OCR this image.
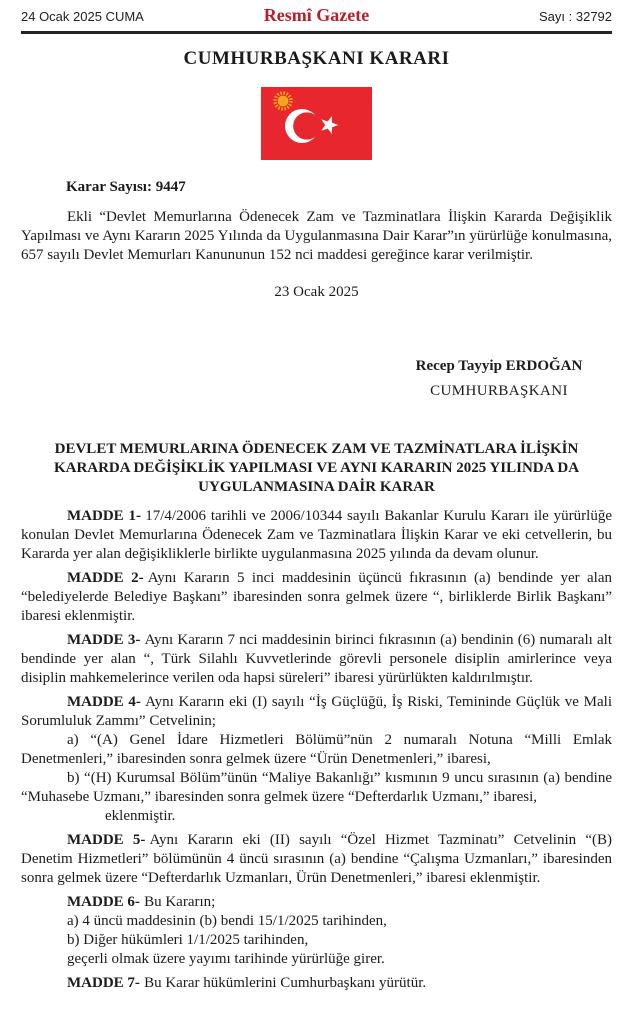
24 Ocak 2025 CUMA	Resmî Gazete	Sayı : 32792
CUMHURBAŞKANI KARARI
Karar Sayısı: 9447

Ekli “Devlet Memurlarına Ödenecek Zam ve Tazminatlara İlişkin Kararda Değişiklik Yapılması ve Aynı Kararın 2025 Yılında da Uygulanmasına Dair Karar”ın yürürlüğe konulmasına, 657 sayılı Devlet Memurları Kanununun 152 nci maddesi gereğince karar verilmiştir.

23 Ocak 2025
Recep Tayyip ERDOĞAN
CUMHURBAŞKANI
DEVLET MEMURLARINA ÖDENECEK ZAM VE TAZMİNATLARA İLİŞKİN KARARDA DEĞİŞİKLİK YAPILMASI VE AYNI KARARIN 2025 YILINDA DA UYGULANMASINA DAİR KARAR

MADDE 1- 17/4/2006 tarihli ve 2006/10344 sayılı Bakanlar Kurulu Kararı ile yürürlüğe konulan Devlet Memurlarına Ödenecek Zam ve Tazminatlara İlişkin Karar ve eki cetvellerin, bu Kararda yer alan değişikliklerle birlikte uygulanmasına 2025 yılında da devam olunur.

MADDE 2- Aynı Kararın 5 inci maddesinin üçüncü fıkrasının (a) bendinde yer alan “belediyelerde Belediye Başkanı” ibaresinden sonra gelmek üzere “, birliklerde Birlik Başkanı” ibaresi eklenmiştir.

MADDE 3- Aynı Kararın 7 nci maddesinin birinci fıkrasının (a) bendinin (6) numaralı alt bendinde yer alan “, Türk Silahlı Kuvvetlerinde görevli personele disiplin amirlerince veya disiplin mahkemelerince verilen oda hapsi süreleri” ibaresi yürürlükten kaldırılmıştır.

MADDE 4- Aynı Kararın eki (I) sayılı “İş Güçlüğü, İş Riski, Temininde Güçlük ve Mali Sorumluluk Zammı” Cetvelinin;

a) “(A) Genel İdare Hizmetleri Bölümü”nün 2 numaralı Notuna “Milli Emlak Denetmenleri,” ibaresinden sonra gelmek üzere “Ürün Denetmenleri,” ibaresi,

b) “(H) Kurumsal Bölüm”ünün “Maliye Bakanlığı” kısmının 9 uncu sırasının (a) bendine “Muhasebe Uzmanı,” ibaresinden sonra gelmek üzere “Defterdarlık Uzmanı,” ibaresi,

eklenmiştir.

MADDE 5- Aynı Kararın eki (II) sayılı “Özel Hizmet Tazminatı” Cetvelinin “(B) Denetim Hizmetleri” bölümünün 4 üncü sırasının (a) bendine “Çalışma Uzmanları,” ibaresinden sonra gelmek üzere “Defterdarlık Uzmanları, Ürün Denetmenleri,” ibaresi eklenmiştir.

MADDE 6- Bu Kararın;

a) 4 üncü maddesinin (b) bendi 15/1/2025 tarihinden,

b) Diğer hükümleri 1/1/2025 tarihinden,

geçerli olmak üzere yayımı tarihinde yürürlüğe girer.

MADDE 7- Bu Karar hükümlerini Cumhurbaşkanı yürütür.
